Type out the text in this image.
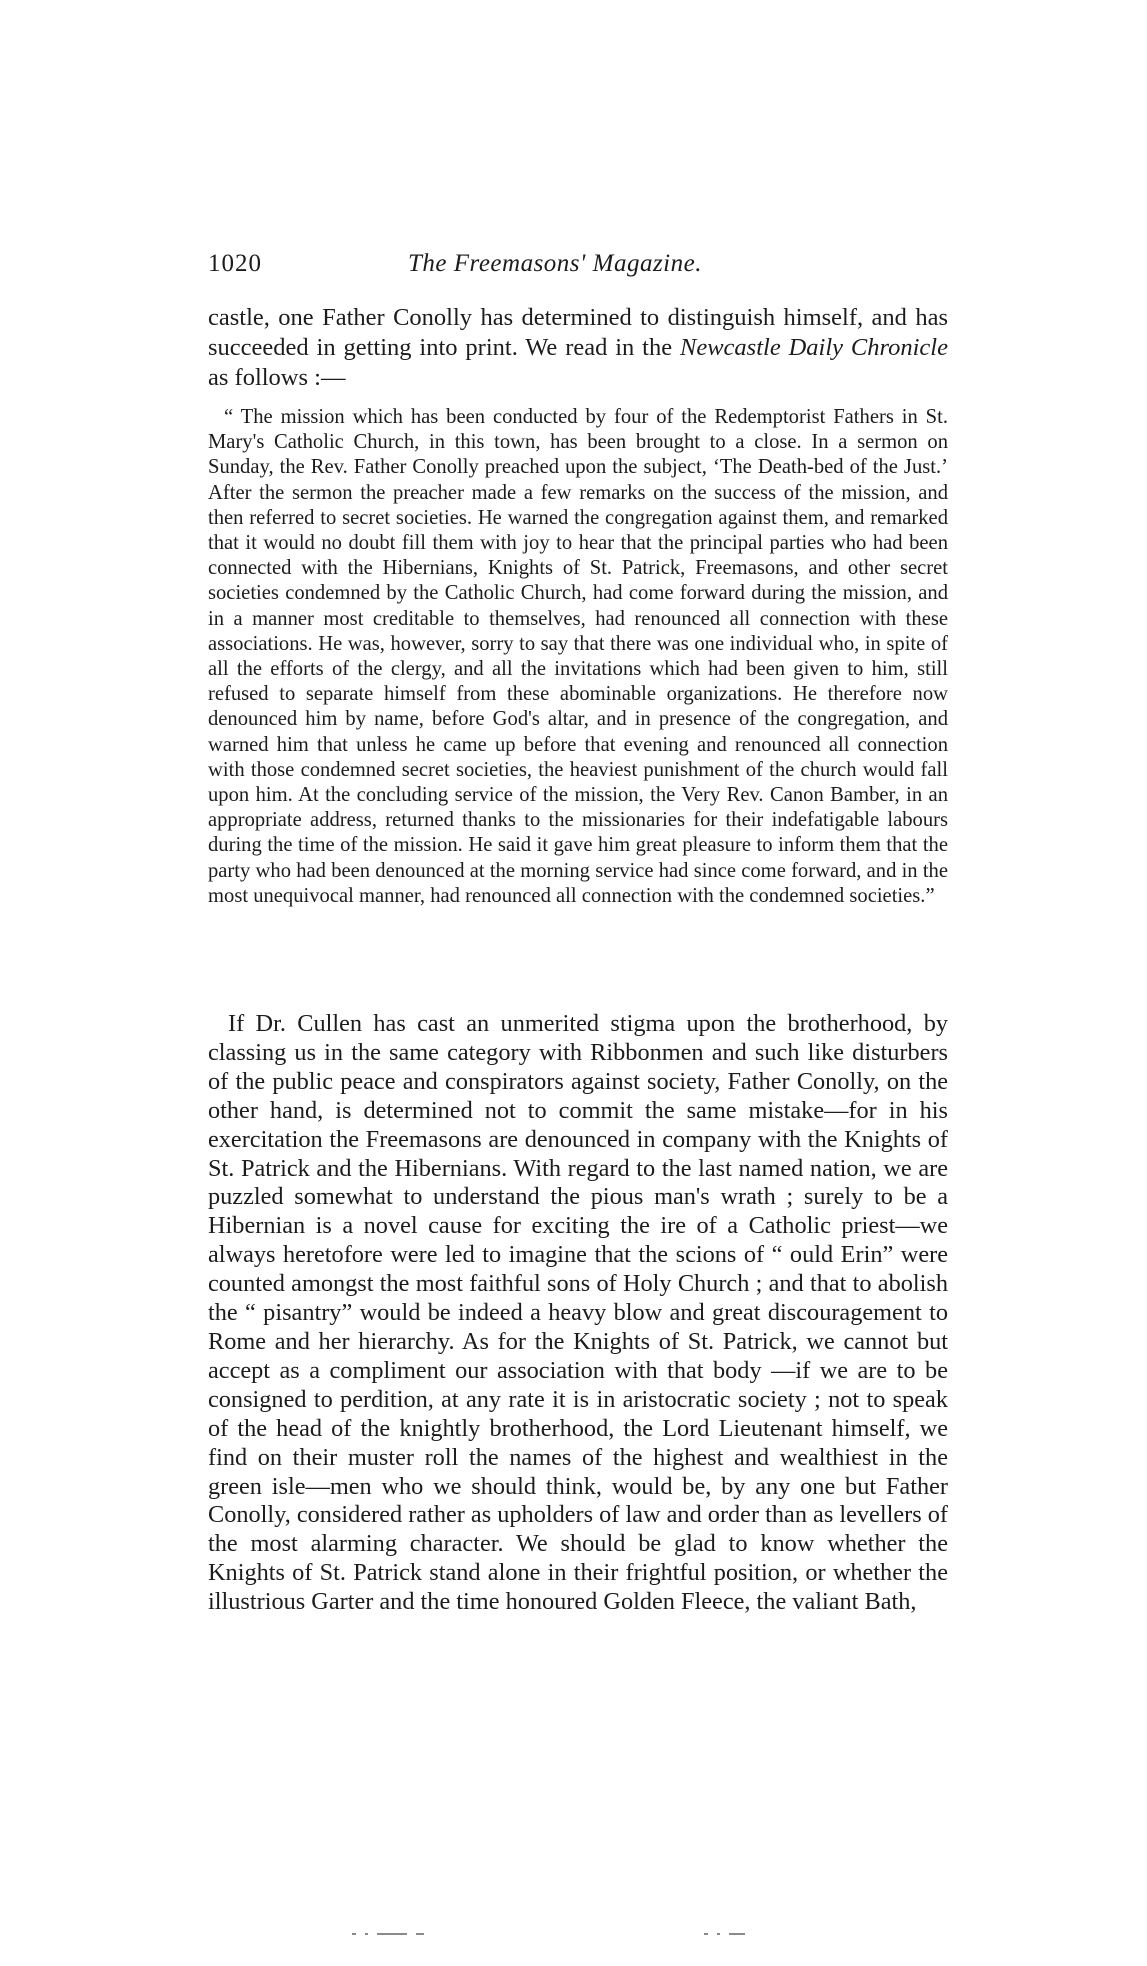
1020	The Freemasons' Magazine.

castle, one Father Conolly has determined to distinguish himself, and has succeeded in getting into print. We read in the Newcastle Daily Chronicle as follows :—

“ The mission which has been conducted by four of the Redemptorist Fathers in St. Mary's Catholic Church, in this town, has been brought to a close. In a sermon on Sunday, the Rev. Father Conolly preached upon the subject, ‘The Death-bed of the Just.’ After the sermon the preacher made a few remarks on the success of the mission, and then referred to secret societies. He warned the congregation against them, and remarked that it would no doubt fill them with joy to hear that the principal parties who had been connected with the Hibernians, Knights of St. Patrick, Freemasons, and other secret societies condemned by the Catholic Church, had come forward during the mission, and in a manner most creditable to themselves, had renounced all connection with these associations. He was, however, sorry to say that there was one individual who, in spite of all the efforts of the clergy, and all the invitations which had been given to him, still refused to separate himself from these abominable organizations. He therefore now denounced him by name, before God's altar, and in presence of the congregation, and warned him that unless he came up before that evening and renounced all connection with those condemned secret societies, the heaviest punishment of the church would fall upon him. At the concluding service of the mission, the Very Rev. Canon Bamber, in an appropriate address, returned thanks to the missionaries for their indefatigable labours during the time of the mission. He said it gave him great pleasure to inform them that the party who had been denounced at the morning service had since come forward, and in the most unequivocal manner, had renounced all connection with the condemned societies.”

If Dr. Cullen has cast an unmerited stigma upon the brotherhood, by classing us in the same category with Ribbonmen and such like disturbers of the public peace and conspirators against society, Father Conolly, on the other hand, is determined not to commit the same mistake—for in his exercitation the Freemasons are denounced in company with the Knights of St. Patrick and the Hibernians. With regard to the last named nation, we are puzzled somewhat to understand the pious man's wrath ; surely to be a Hibernian is a novel cause for exciting the ire of a Catholic priest—we always heretofore were led to imagine that the scions of “ ould Erin” were counted amongst the most faithful sons of Holy Church ; and that to abolish the “ pisantry” would be indeed a heavy blow and great discouragement to Rome and her hierarchy. As for the Knights of St. Patrick, we cannot but accept as a compliment our association with that body —if we are to be consigned to perdition, at any rate it is in aristocratic society ; not to speak of the head of the knightly brotherhood, the Lord Lieutenant himself, we find on their muster roll the names of the highest and wealthiest in the green isle—men who we should think, would be, by any one but Father Conolly, considered rather as upholders of law and order than as levellers of the most alarming character. We should be glad to know whether the Knights of St. Patrick stand alone in their frightful position, or whether the illustrious Garter and the time honoured Golden Fleece, the valiant Bath,
